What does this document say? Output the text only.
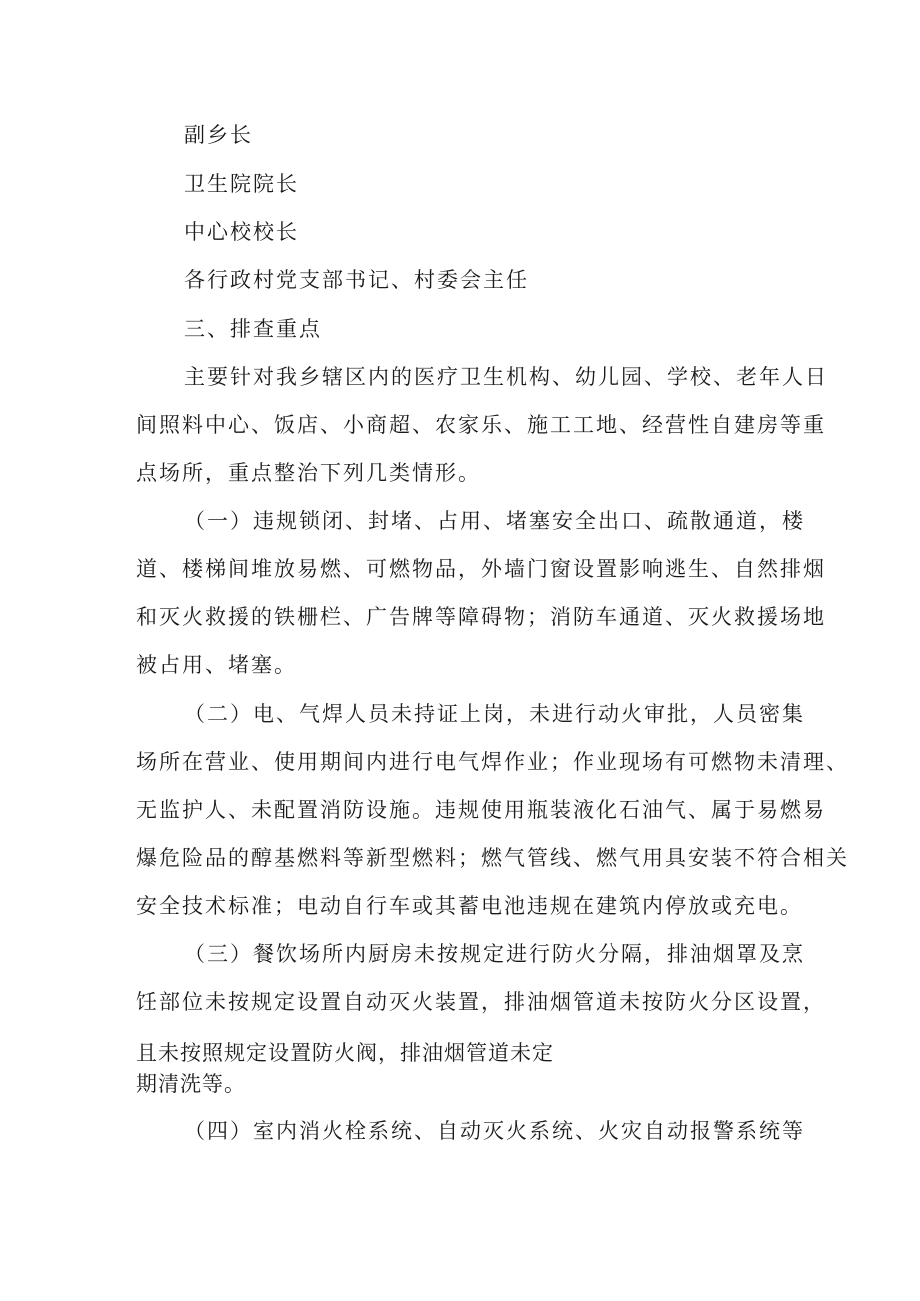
副乡长
卫生院院长
中心校校长
各行政村党支部书记、村委会主任
三、排查重点
主要针对我乡辖区内的医疗卫生机构、幼儿园、学校、老年人日
间照料中心、饭店、小商超、农家乐、施工工地、经营性自建房等重
点场所，重点整治下列几类情形。
（一）违规锁闭、封堵、占用、堵塞安全出口、疏散通道，楼
道、楼梯间堆放易燃、可燃物品，外墙门窗设置影响逃生、自然排烟
和灭火救援的铁栅栏、广告牌等障碍物；消防车通道、灭火救援场地
被占用、堵塞。
（二）电、气焊人员未持证上岗，未进行动火审批，人员密集
场所在营业、使用期间内进行电气焊作业；作业现场有可燃物未清理、
无监护人、未配置消防设施。违规使用瓶装液化石油气、属于易燃易
爆危险品的醇基燃料等新型燃料；燃气管线、燃气用具安装不符合相关
安全技术标准；电动自行车或其蓄电池违规在建筑内停放或充电。
（三）餐饮场所内厨房未按规定进行防火分隔，排油烟罩及烹
饪部位未按规定设置自动灭火装置，排油烟管道未按防火分区设置，
且未按照规定设置防火阀，排油烟管道未定
期清洗等。
（四）室内消火栓系统、自动灭火系统、火灾自动报警系统等
